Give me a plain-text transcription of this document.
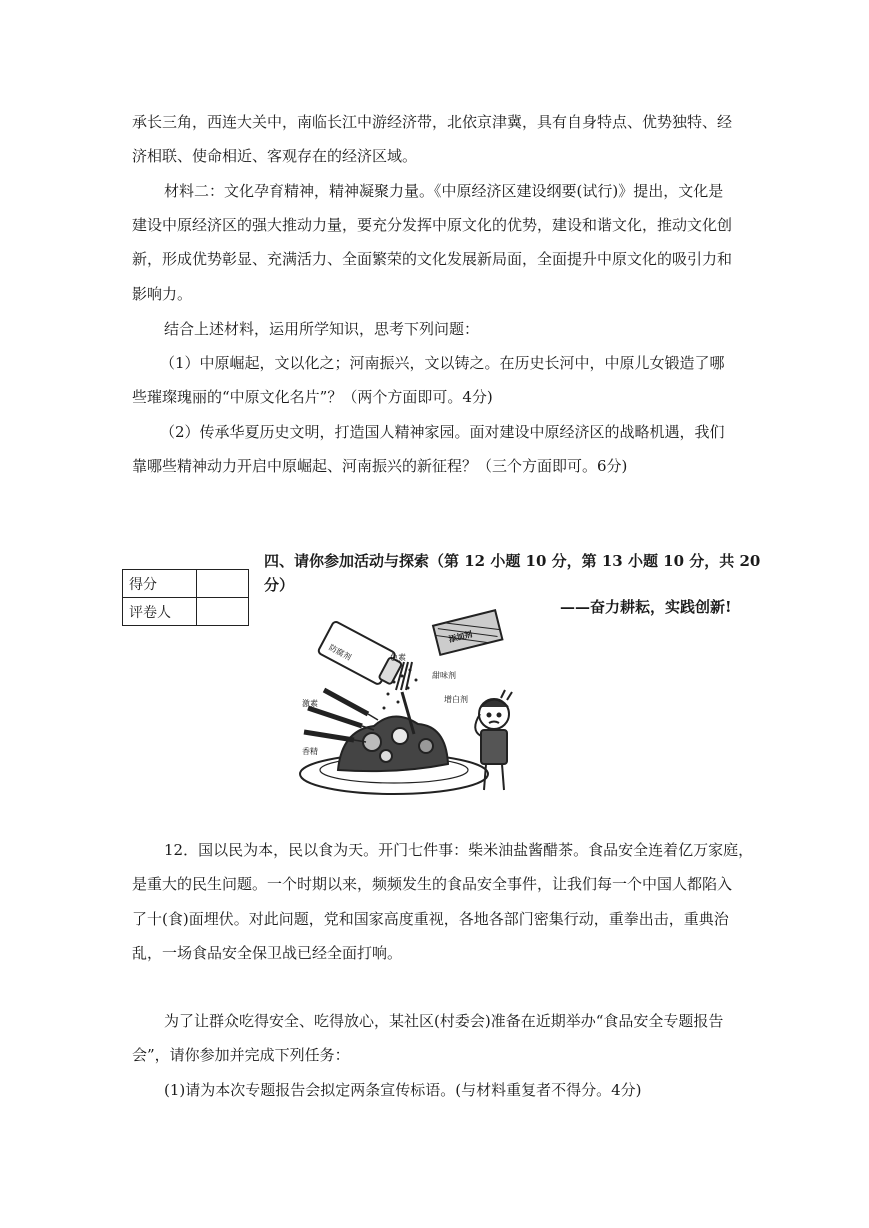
承长三角，西连大关中，南临长江中游经济带，北依京津冀，具有自身特点、优势独特、经
济相联、使命相近、客观存在的经济区域。
材料二：文化孕育精神，精神凝聚力量。《中原经济区建设纲要(试行)》提出，文化是
建设中原经济区的强大推动力量，要充分发挥中原文化的优势，建设和谐文化，推动文化创
新，形成优势彰显、充满活力、全面繁荣的文化发展新局面，全面提升中原文化的吸引力和
影响力。
结合上述材料，运用所学知识，思考下列问题：
（1）中原崛起，文以化之；河南振兴，文以铸之。在历史长河中，中原儿女锻造了哪
些璀璨瑰丽的“中原文化名片”？（两个方面即可。4分)
（2）传承华夏历史文明，打造国人精神家园。面对建设中原经济区的战略机遇，我们
靠哪些精神动力开启中原崛起、河南振兴的新征程？（三个方面即可。6分)
得分	
评卷人	
四、请你参加活动与探索（第 12 小题 10 分，第 13 小题 10 分，共 20
分）
——奋力耕耘，实践创新!
防腐剂
添加剂
色素
甜味剂
增白剂
激素
香精
12．国以民为本，民以食为天。开门七件事：柴米油盐酱醋茶。食品安全连着亿万家庭，
是重大的民生问题。一个时期以来，频频发生的食品安全事件，让我们每一个中国人都陷入
了十(食)面埋伏。对此问题，党和国家高度重视，各地各部门密集行动，重拳出击，重典治
乱，一场食品安全保卫战已经全面打响。
为了让群众吃得安全、吃得放心，某社区(村委会)准备在近期举办“食品安全专题报告
会”，请你参加并完成下列任务：
(1)请为本次专题报告会拟定两条宣传标语。(与材料重复者不得分。4分)
